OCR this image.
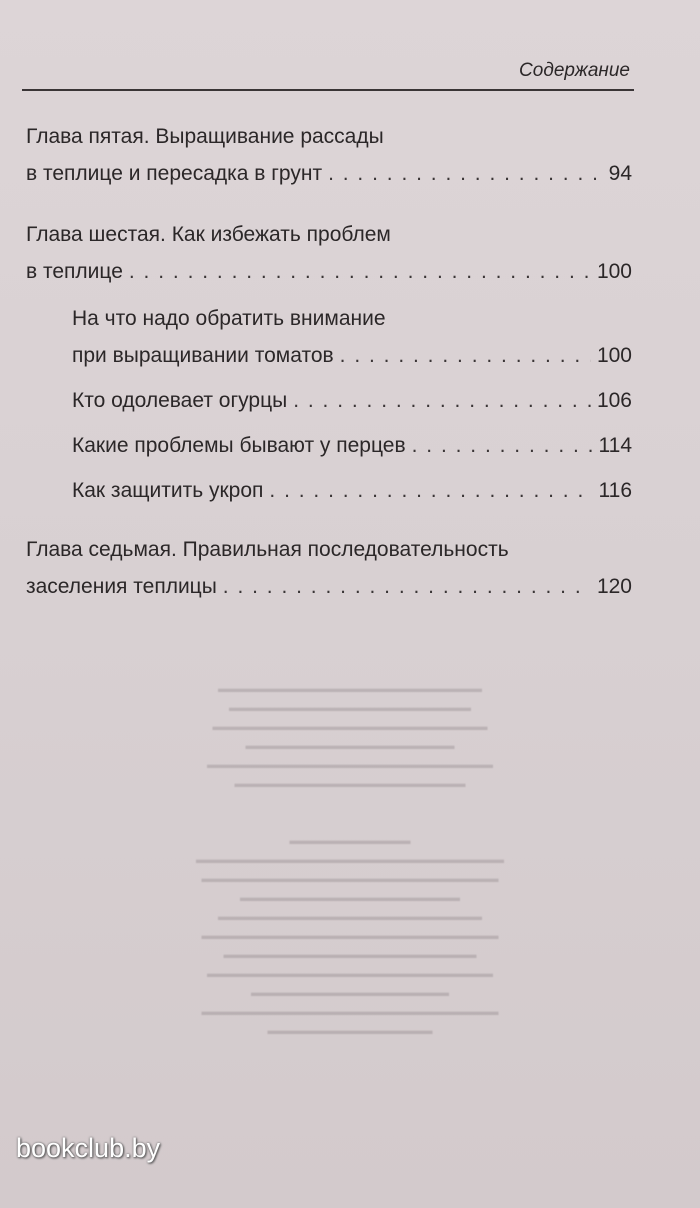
Содержание
Глава пятая. Выращивание рассады
в теплице и пересадка в грунт . . .	94
Глава шестая. Как избежать проблем
в теплице . . .	100
На что надо обратить внимание
при выращивании томатов . . .	100
Кто одолевает огурцы . . .	106
Какие проблемы бывают у перцев . . .	114
Как защитить укроп . . .	116
Глава седьмая. Правильная последовательность
заселения теплицы . . .	120
▬▬▬▬▬▬▬▬▬▬▬▬▬▬▬▬▬▬▬▬▬▬▬▬
▬▬▬▬▬▬▬▬▬▬▬▬▬▬▬▬▬▬▬▬▬▬
▬▬▬▬▬▬▬▬▬▬▬▬▬▬▬▬▬▬▬▬▬▬▬▬▬
▬▬▬▬▬▬▬▬▬▬▬▬▬▬▬▬▬▬▬
▬▬▬▬▬▬▬▬▬▬▬▬▬▬▬▬▬▬▬▬▬▬▬▬▬▬
▬▬▬▬▬▬▬▬▬▬▬▬▬▬▬▬▬▬▬▬▬

▬▬▬▬▬▬▬▬▬▬▬
▬▬▬▬▬▬▬▬▬▬▬▬▬▬▬▬▬▬▬▬▬▬▬▬▬▬▬▬
▬▬▬▬▬▬▬▬▬▬▬▬▬▬▬▬▬▬▬▬▬▬▬▬▬▬▬
▬▬▬▬▬▬▬▬▬▬▬▬▬▬▬▬▬▬▬▬
▬▬▬▬▬▬▬▬▬▬▬▬▬▬▬▬▬▬▬▬▬▬▬▬
▬▬▬▬▬▬▬▬▬▬▬▬▬▬▬▬▬▬▬▬▬▬▬▬▬▬▬
▬▬▬▬▬▬▬▬▬▬▬▬▬▬▬▬▬▬▬▬▬▬▬
▬▬▬▬▬▬▬▬▬▬▬▬▬▬▬▬▬▬▬▬▬▬▬▬▬▬
▬▬▬▬▬▬▬▬▬▬▬▬▬▬▬▬▬▬
▬▬▬▬▬▬▬▬▬▬▬▬▬▬▬▬▬▬▬▬▬▬▬▬▬▬▬
▬▬▬▬▬▬▬▬▬▬▬▬▬▬▬
bookclub.by
